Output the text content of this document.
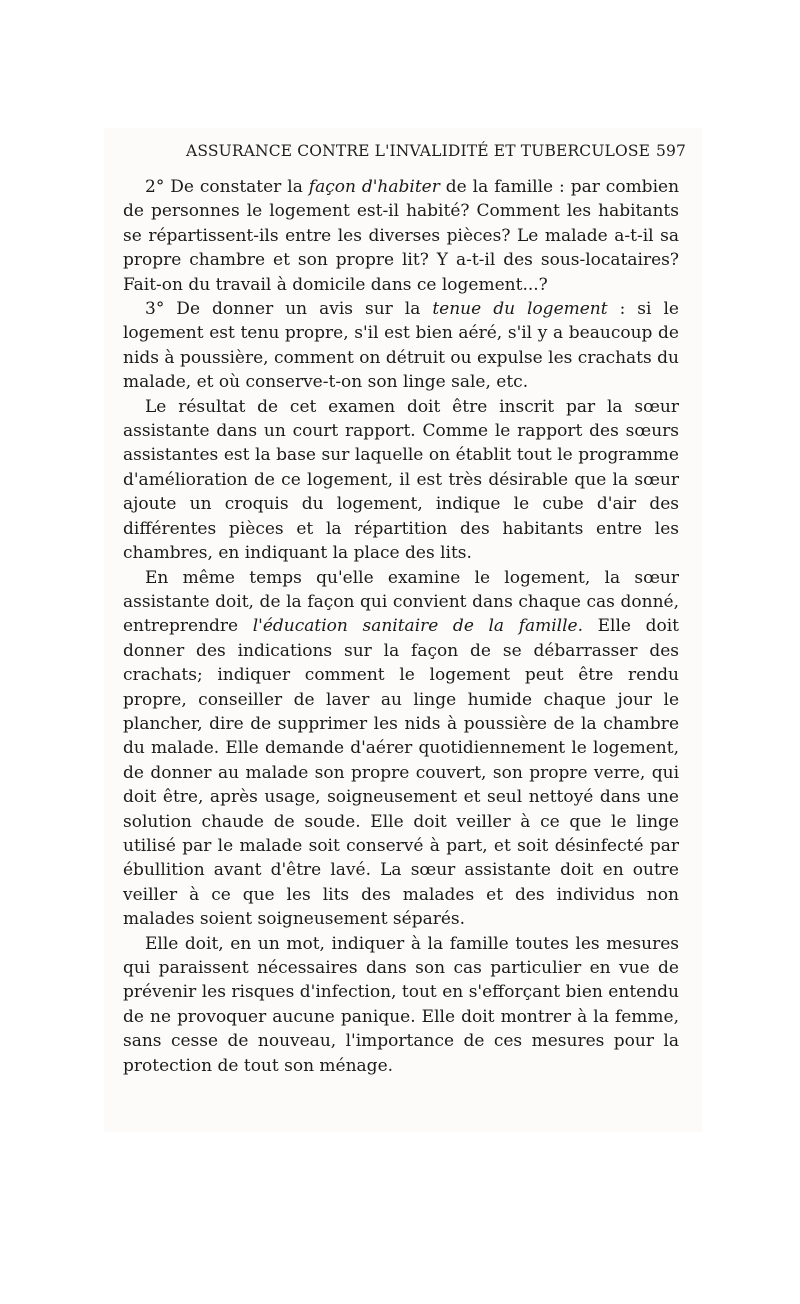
ASSURANCE CONTRE L'INVALIDITÉ ET TUBERCULOSE 597

2° De constater la façon d'habiter de la famille : par combien de personnes le logement est-il habité? Comment les habitants se répartissent-ils entre les diverses pièces? Le malade a-t-il sa propre chambre et son propre lit? Y a-t-il des sous-locataires? Fait-on du travail à domicile dans ce logement...?

3° De donner un avis sur la tenue du logement : si le logement est tenu propre, s'il est bien aéré, s'il y a beaucoup de nids à poussière, comment on détruit ou expulse les crachats du malade, et où conserve-t-on son linge sale, etc.

Le résultat de cet examen doit être inscrit par la sœur assistante dans un court rapport. Comme le rapport des sœurs assistantes est la base sur laquelle on établit tout le programme d'amélioration de ce logement, il est très désirable que la sœur ajoute un croquis du logement, indique le cube d'air des différentes pièces et la répartition des habitants entre les chambres, en indiquant la place des lits.

En même temps qu'elle examine le logement, la sœur assistante doit, de la façon qui convient dans chaque cas donné, entreprendre l'éducation sanitaire de la famille. Elle doit donner des indications sur la façon de se débarrasser des crachats; indiquer comment le logement peut être rendu propre, conseiller de laver au linge humide chaque jour le plancher, dire de supprimer les nids à poussière de la chambre du malade. Elle demande d'aérer quotidiennement le logement, de donner au malade son propre couvert, son propre verre, qui doit être, après usage, soigneusement et seul nettoyé dans une solution chaude de soude. Elle doit veiller à ce que le linge utilisé par le malade soit conservé à part, et soit désinfecté par ébullition avant d'être lavé. La sœur assistante doit en outre veiller à ce que les lits des malades et des individus non malades soient soigneusement séparés.

Elle doit, en un mot, indiquer à la famille toutes les mesures qui paraissent nécessaires dans son cas particulier en vue de prévenir les risques d'infection, tout en s'efforçant bien entendu de ne provoquer aucune panique. Elle doit montrer à la femme, sans cesse de nouveau, l'importance de ces mesures pour la protection de tout son ménage.
